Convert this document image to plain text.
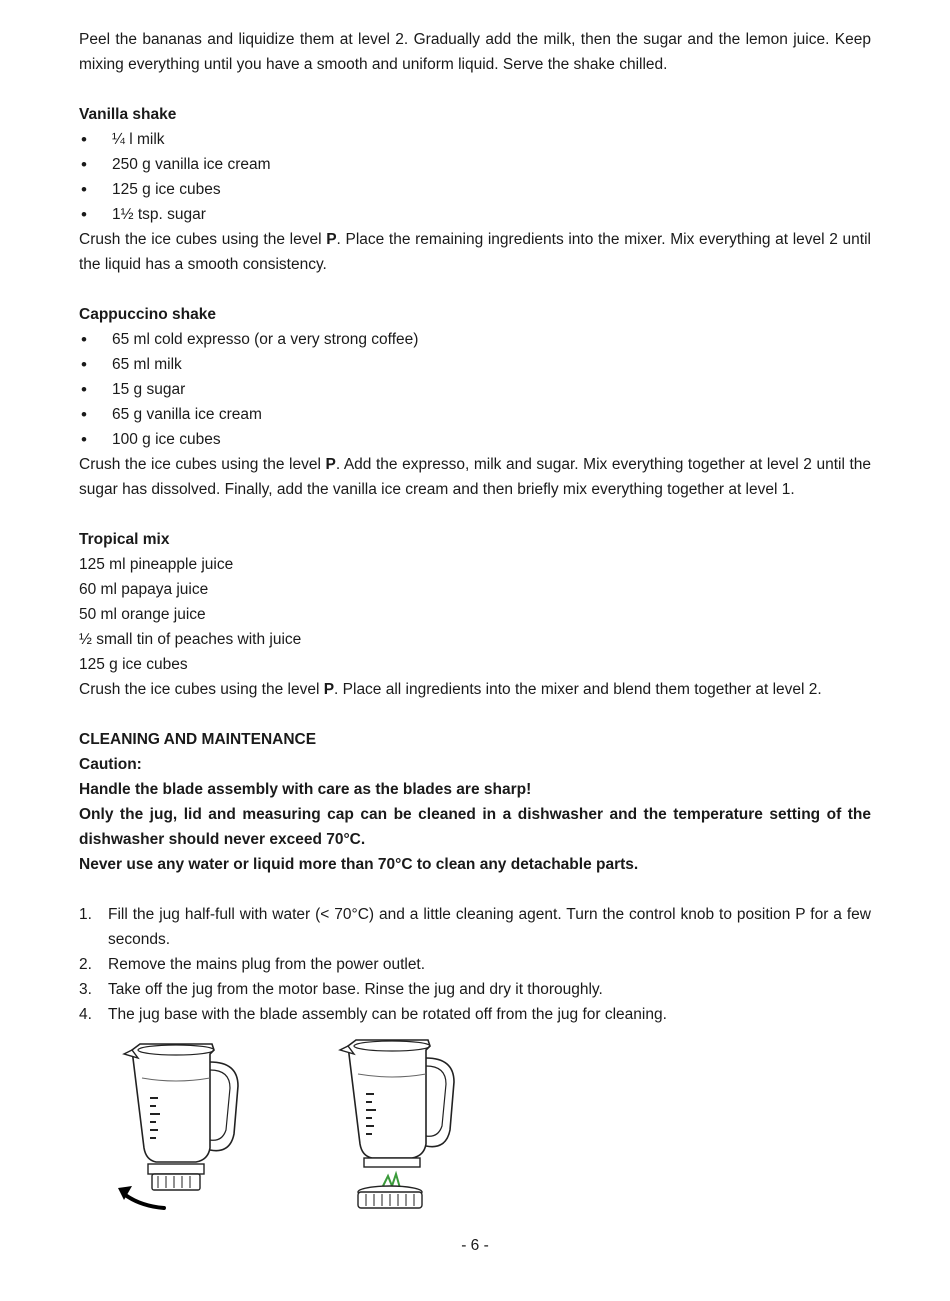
Peel the bananas and liquidize them at level 2. Gradually add the milk, then the sugar and the lemon juice. Keep mixing everything until you have a smooth and uniform liquid. Serve the shake chilled.

Vanilla shake

• ¼ l milk
• 250 g vanilla ice cream
• 125 g ice cubes
• 1½ tsp. sugar

Crush the ice cubes using the level P. Place the remaining ingredients into the mixer. Mix everything at level 2 until the liquid has a smooth consistency.

Cappuccino shake

• 65 ml cold expresso (or a very strong coffee)
• 65 ml milk
• 15 g sugar
• 65 g vanilla ice cream
• 100 g ice cubes

Crush the ice cubes using the level P. Add the expresso, milk and sugar. Mix everything together at level 2 until the sugar has dissolved. Finally, add the vanilla ice cream and then briefly mix everything together at level 1.

Tropical mix

125 ml pineapple juice

60 ml papaya juice

50 ml orange juice

½ small tin of peaches with juice

125 g ice cubes

Crush the ice cubes using the level P. Place all ingredients into the mixer and blend them together at level 2.

CLEANING AND MAINTENANCE

Caution:

Handle the blade assembly with care as the blades are sharp!

Only the jug, lid and measuring cap can be cleaned in a dishwasher and the temperature setting of the dishwasher should never exceed 70°C.

Never use any water or liquid more than 70°C to clean any detachable parts.

1. Fill the jug half-full with water (< 70°C) and a little cleaning agent. Turn the control knob to position P for a few seconds.
2. Remove the mains plug from the power outlet.
3. Take off the jug from the motor base. Rinse the jug and dry it thoroughly.
4. The jug base with the blade assembly can be rotated off from the jug for cleaning.
- 6 -
